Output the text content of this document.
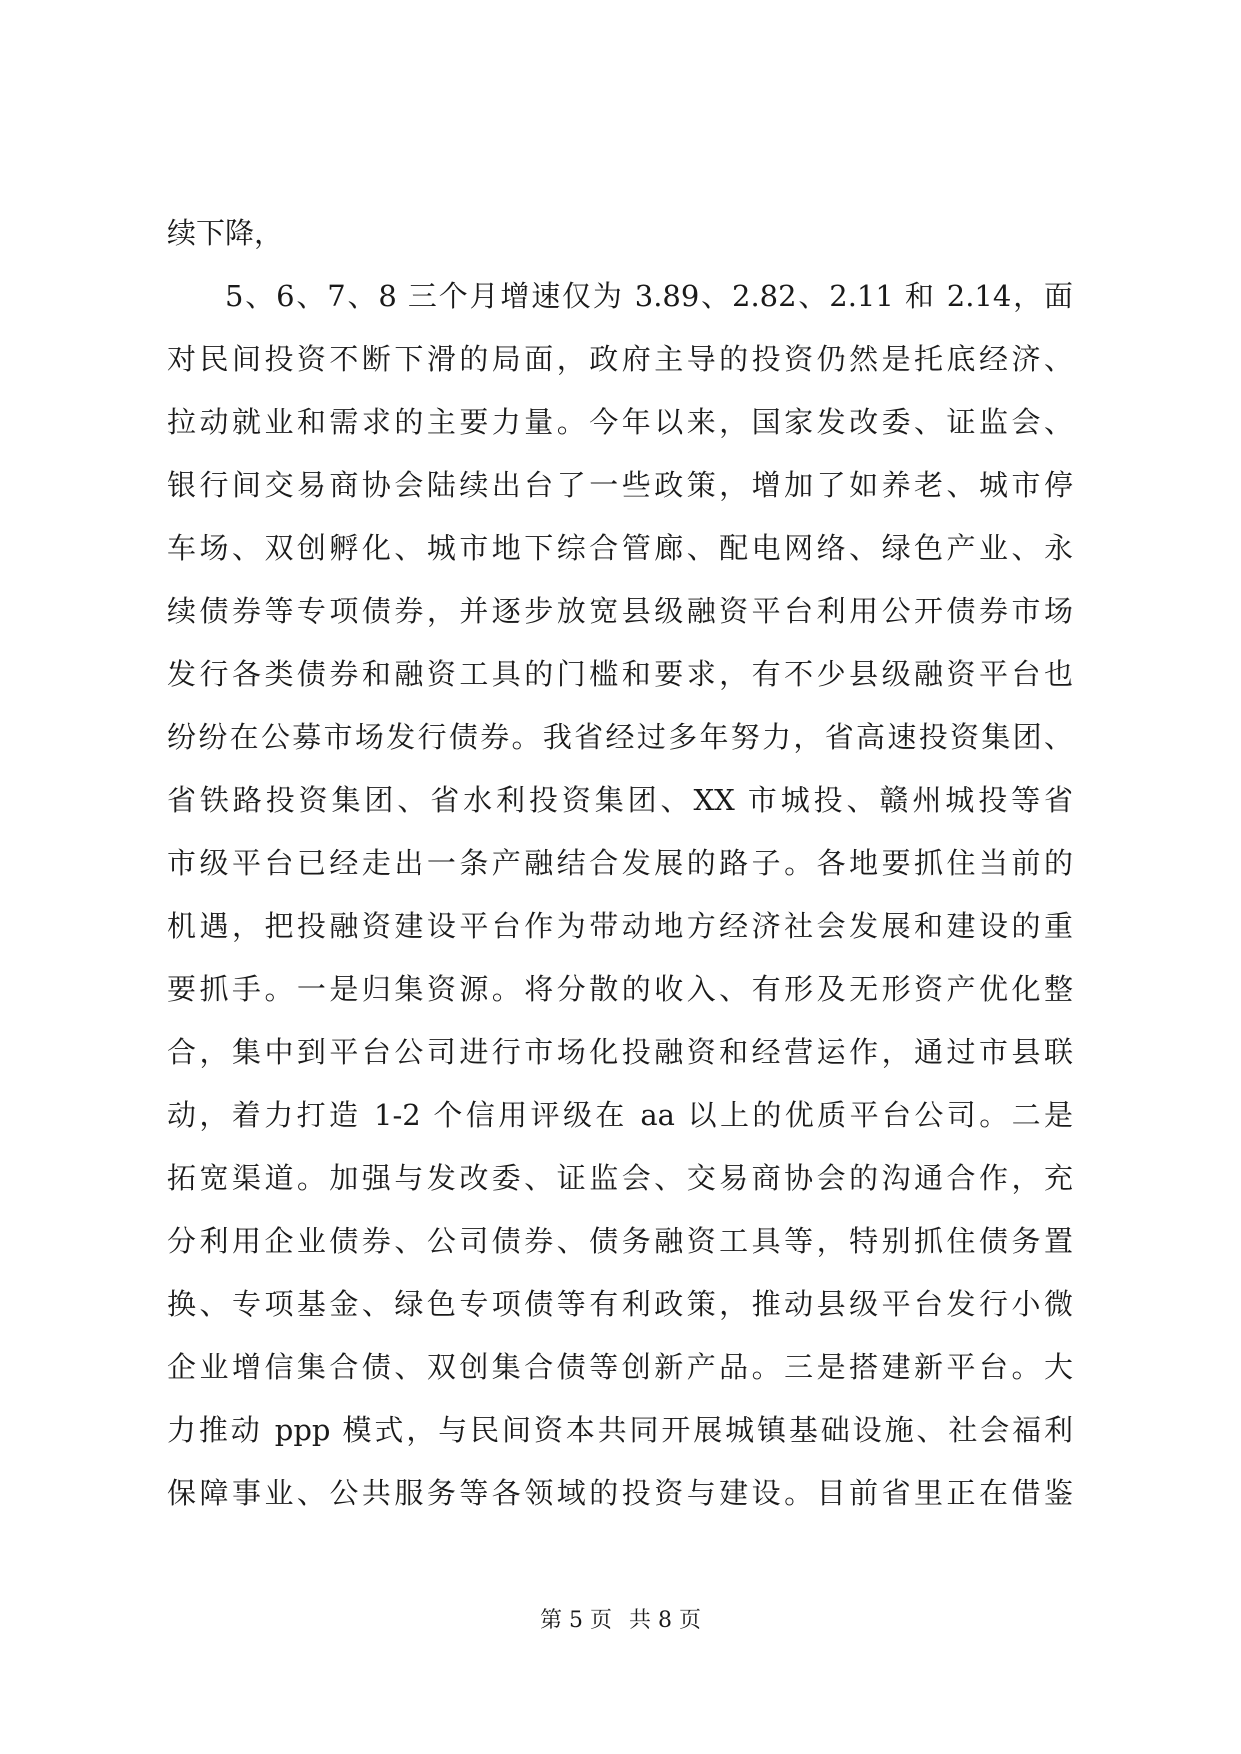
续下降，
5、6、7、8 三个月增速仅为 3.89、2.82、2.11 和 2.14，面
对民间投资不断下滑的局面，政府主导的投资仍然是托底经济、
拉动就业和需求的主要力量。今年以来，国家发改委、证监会、
银行间交易商协会陆续出台了一些政策，增加了如养老、城市停
车场、双创孵化、城市地下综合管廊、配电网络、绿色产业、永
续债券等专项债券，并逐步放宽县级融资平台利用公开债券市场
发行各类债券和融资工具的门槛和要求，有不少县级融资平台也
纷纷在公募市场发行债券。我省经过多年努力，省高速投资集团、
省铁路投资集团、省水利投资集团、XX 市城投、赣州城投等省
市级平台已经走出一条产融结合发展的路子。各地要抓住当前的
机遇，把投融资建设平台作为带动地方经济社会发展和建设的重
要抓手。一是归集资源。将分散的收入、有形及无形资产优化整
合，集中到平台公司进行市场化投融资和经营运作，通过市县联
动，着力打造 1-2 个信用评级在 aa 以上的优质平台公司。二是
拓宽渠道。加强与发改委、证监会、交易商协会的沟通合作，充
分利用企业债券、公司债券、债务融资工具等，特别抓住债务置
换、专项基金、绿色专项债等有利政策，推动县级平台发行小微
企业增信集合债、双创集合债等创新产品。三是搭建新平台。大
力推动 ppp 模式，与民间资本共同开展城镇基础设施、社会福利
保障事业、公共服务等各领域的投资与建设。目前省里正在借鉴
第 5 页 共 8 页
